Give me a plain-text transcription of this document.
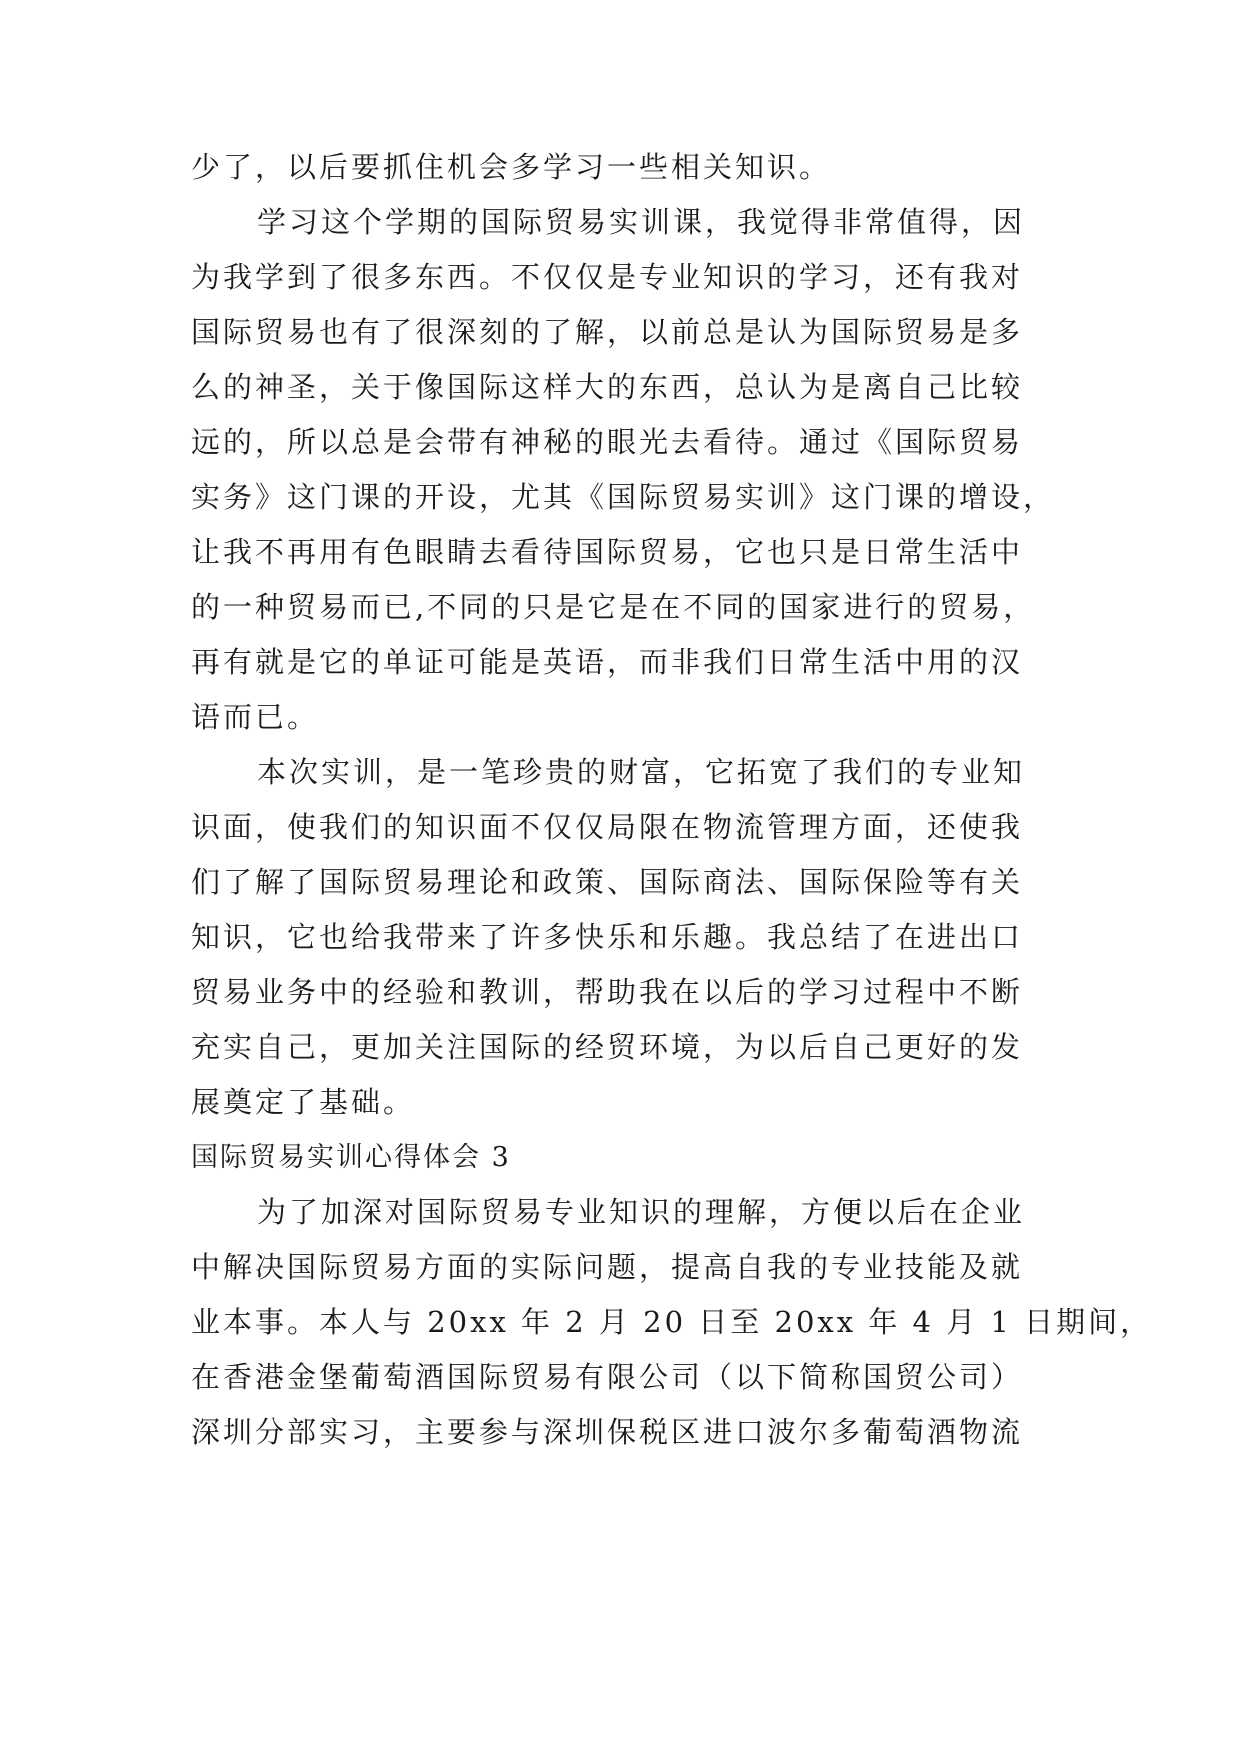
少了，以后要抓住机会多学习一些相关知识。
学习这个学期的国际贸易实训课，我觉得非常值得，因
为我学到了很多东西。不仅仅是专业知识的学习，还有我对
国际贸易也有了很深刻的了解，以前总是认为国际贸易是多
么的神圣，关于像国际这样大的东西，总认为是离自己比较
远的，所以总是会带有神秘的眼光去看待。通过《国际贸易
实务》这门课的开设，尤其《国际贸易实训》这门课的增设，
让我不再用有色眼睛去看待国际贸易，它也只是日常生活中
的一种贸易而已,不同的只是它是在不同的国家进行的贸易，
再有就是它的单证可能是英语，而非我们日常生活中用的汉
语而已。
本次实训，是一笔珍贵的财富，它拓宽了我们的专业知
识面，使我们的知识面不仅仅局限在物流管理方面，还使我
们了解了国际贸易理论和政策、国际商法、国际保险等有关
知识，它也给我带来了许多快乐和乐趣。我总结了在进出口
贸易业务中的经验和教训，帮助我在以后的学习过程中不断
充实自己，更加关注国际的经贸环境，为以后自己更好的发
展奠定了基础。
国际贸易实训心得体会 3
为了加深对国际贸易专业知识的理解，方便以后在企业
中解决国际贸易方面的实际问题，提高自我的专业技能及就
业本事。本人与 20xx 年 2 月 20 日至 20xx 年 4 月 1 日期间，
在香港金堡葡萄酒国际贸易有限公司（以下简称国贸公司）
深圳分部实习，主要参与深圳保税区进口波尔多葡萄酒物流
